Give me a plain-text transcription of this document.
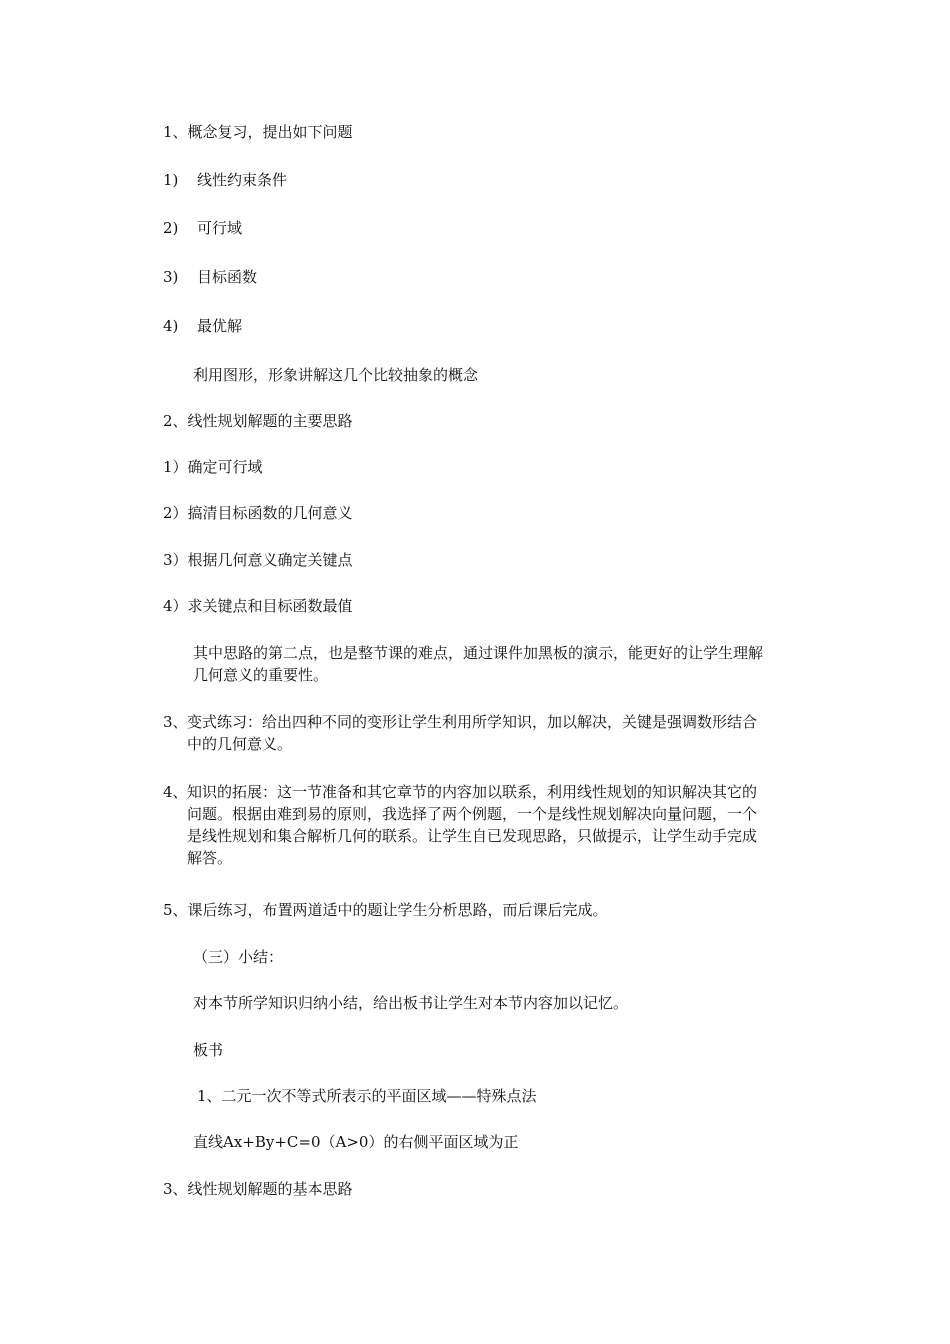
1、概念复习，提出如下问题
1) 线性约束条件
2) 可行域
3) 目标函数
4) 最优解
利用图形，形象讲解这几个比较抽象的概念
2、线性规划解题的主要思路
1）确定可行域
2）搞清目标函数的几何意义
3）根据几何意义确定关键点
4）求关键点和目标函数最值
其中思路的第二点，也是整节课的难点，通过课件加黑板的演示，能更好的让学生理解几何意义的重要性。
3、 变式练习：给出四种不同的变形让学生利用所学知识，加以解决，关键是强调数形结合中的几何意义。
4、 知识的拓展：这一节准备和其它章节的内容加以联系，利用线性规划的知识解决其它的问题。根据由难到易的原则，我选择了两个例题，一个是线性规划解决向量问题，一个是线性规划和集合解析几何的联系。让学生自已发现思路，只做提示，让学生动手完成解答。
5、课后练习，布置两道适中的题让学生分析思路，而后课后完成。
（三）小结：
对本节所学知识归纳小结，给出板书让学生对本节内容加以记忆。
板书
1、二元一次不等式所表示的平面区域——特殊点法
直线Ax+By+C=0（A>0）的右侧平面区域为正
3、线性规划解题的基本思路
